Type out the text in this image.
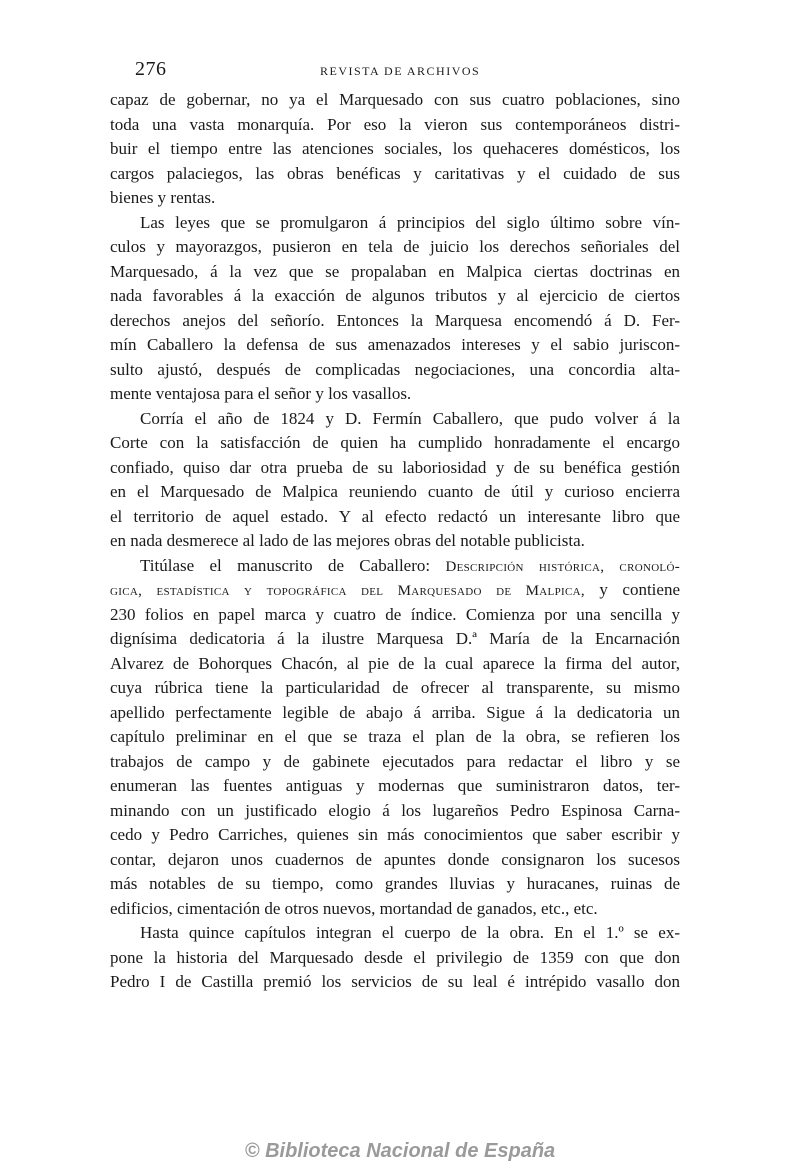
276	REVISTA DE ARCHIVOS
capaz de gobernar, no ya el Marquesado con sus cuatro poblaciones, sino
toda una vasta monarquía. Por eso la vieron sus contemporáneos distri-
buir el tiempo entre las atenciones sociales, los quehaceres domésticos, los
cargos palaciegos, las obras benéficas y caritativas y el cuidado de sus
bienes y rentas.
Las leyes que se promulgaron á principios del siglo último sobre vín-
culos y mayorazgos, pusieron en tela de juicio los derechos señoriales del
Marquesado, á la vez que se propalaban en Malpica ciertas doctrinas en
nada favorables á la exacción de algunos tributos y al ejercicio de ciertos
derechos anejos del señorío. Entonces la Marquesa encomendó á D. Fer-
mín Caballero la defensa de sus amenazados intereses y el sabio juriscon-
sulto ajustó, después de complicadas negociaciones, una concordia alta-
mente ventajosa para el señor y los vasallos.
Corría el año de 1824 y D. Fermín Caballero, que pudo volver á la
Corte con la satisfacción de quien ha cumplido honradamente el encargo
confiado, quiso dar otra prueba de su laboriosidad y de su benéfica gestión
en el Marquesado de Malpica reuniendo cuanto de útil y curioso encierra
el territorio de aquel estado. Y al efecto redactó un interesante libro que
en nada desmerece al lado de las mejores obras del notable publicista.
Titúlase el manuscrito de Caballero: Descripción histórica, cronoló-
gica, estadística y topográfica del Marquesado de Malpica, y contiene
230 folios en papel marca y cuatro de índice. Comienza por una sencilla y
dignísima dedicatoria á la ilustre Marquesa D.ª María de la Encarnación
Alvarez de Bohorques Chacón, al pie de la cual aparece la firma del autor,
cuya rúbrica tiene la particularidad de ofrecer al transparente, su mismo
apellido perfectamente legible de abajo á arriba. Sigue á la dedicatoria un
capítulo preliminar en el que se traza el plan de la obra, se refieren los
trabajos de campo y de gabinete ejecutados para redactar el libro y se
enumeran las fuentes antiguas y modernas que suministraron datos, ter-
minando con un justificado elogio á los lugareños Pedro Espinosa Carna-
cedo y Pedro Carriches, quienes sin más conocimientos que saber escribir y
contar, dejaron unos cuadernos de apuntes donde consignaron los sucesos
más notables de su tiempo, como grandes lluvias y huracanes, ruinas de
edificios, cimentación de otros nuevos, mortandad de ganados, etc., etc.
Hasta quince capítulos integran el cuerpo de la obra. En el 1.º se ex-
pone la historia del Marquesado desde el privilegio de 1359 con que don
Pedro I de Castilla premió los servicios de su leal é intrépido vasallo don
© Biblioteca Nacional de España
